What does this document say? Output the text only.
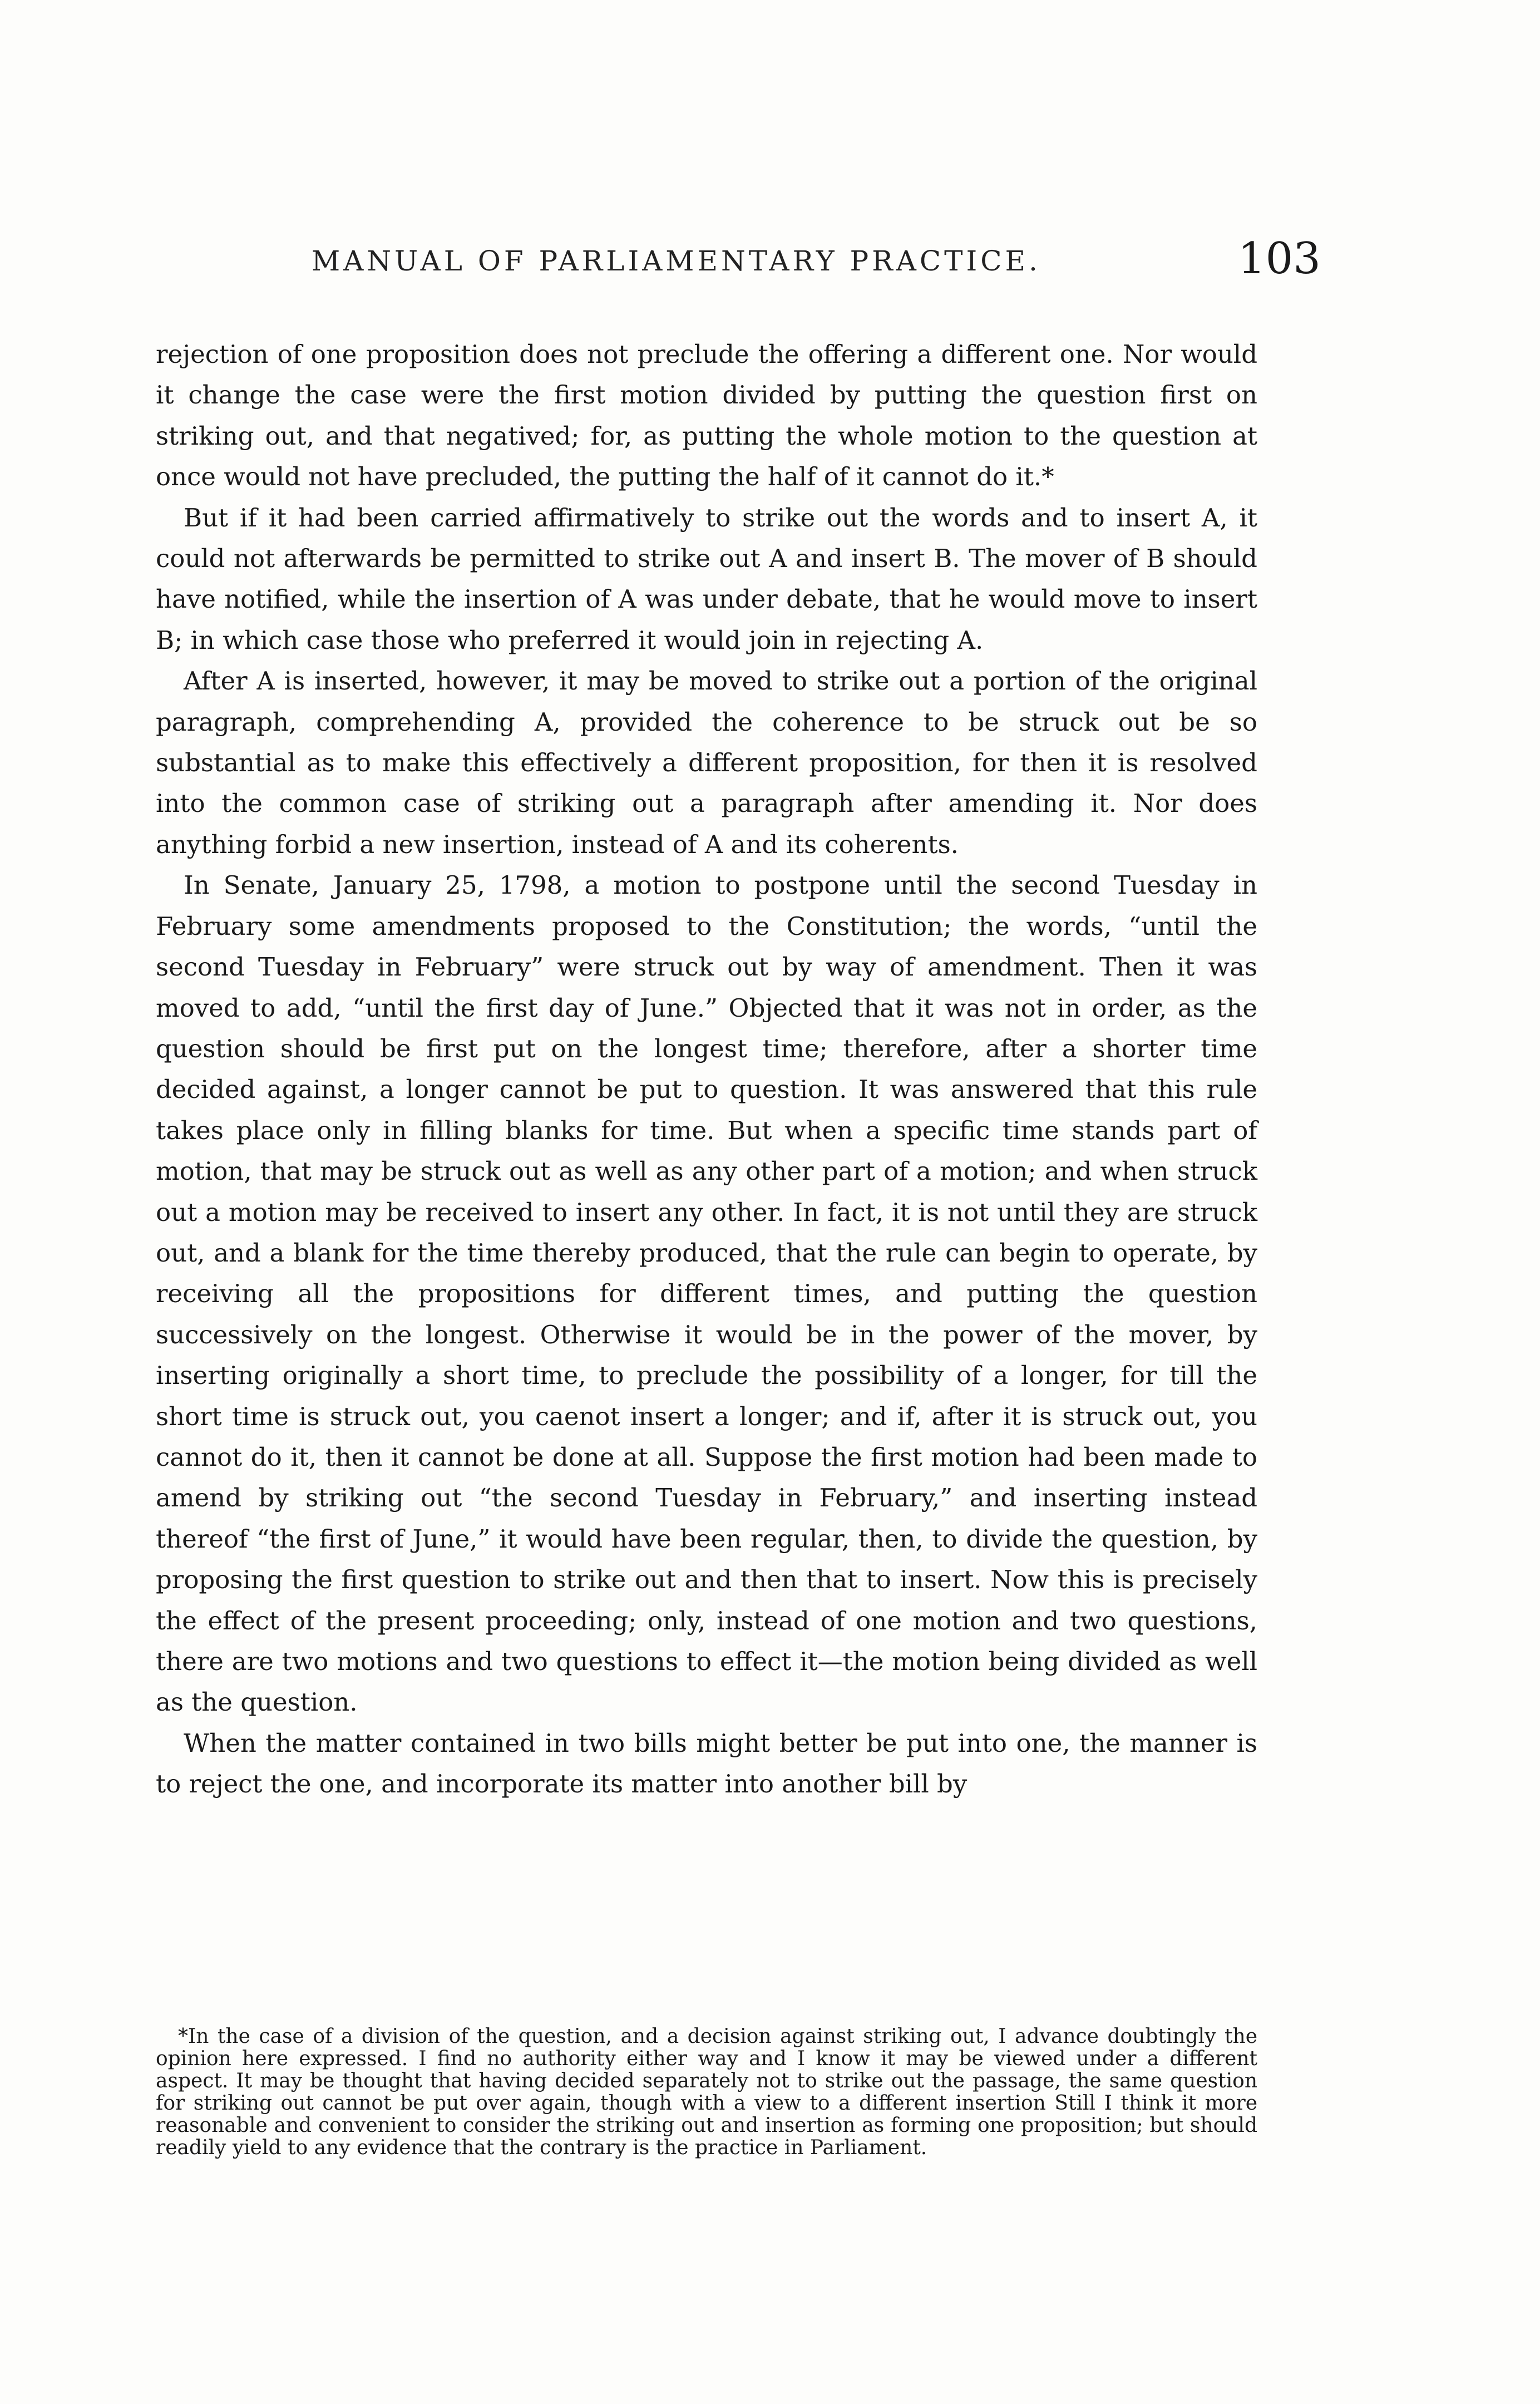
MANUAL OF PARLIAMENTARY PRACTICE.	103

rejection of one proposition does not preclude the offering a different one. Nor would it change the case were the first motion divided by putting the question first on striking out, and that negatived; for, as putting the whole motion to the question at once would not have precluded, the putting the half of it cannot do it.*

But if it had been carried affirmatively to strike out the words and to insert A, it could not afterwards be permitted to strike out A and insert B. The mover of B should have notified, while the insertion of A was under debate, that he would move to insert B; in which case those who preferred it would join in rejecting A.

After A is inserted, however, it may be moved to strike out a portion of the original paragraph, comprehending A, provided the coherence to be struck out be so substantial as to make this effectively a different proposition, for then it is resolved into the common case of striking out a paragraph after amending it. Nor does anything forbid a new insertion, instead of A and its coherents.

In Senate, January 25, 1798, a motion to postpone until the second Tuesday in February some amendments proposed to the Constitution; the words, “until the second Tuesday in February” were struck out by way of amendment. Then it was moved to add, “until the first day of June.” Objected that it was not in order, as the question should be first put on the longest time; therefore, after a shorter time decided against, a longer cannot be put to question. It was answered that this rule takes place only in filling blanks for time. But when a specific time stands part of motion, that may be struck out as well as any other part of a motion; and when struck out a motion may be received to insert any other. In fact, it is not until they are struck out, and a blank for the time thereby produced, that the rule can begin to operate, by receiving all the propositions for different times, and putting the question successively on the longest. Otherwise it would be in the power of the mover, by inserting originally a short time, to preclude the possibility of a longer, for till the short time is struck out, you caenot insert a longer; and if, after it is struck out, you cannot do it, then it cannot be done at all. Suppose the first motion had been made to amend by striking out “the second Tuesday in February,” and inserting instead thereof “the first of June,” it would have been regular, then, to divide the question, by proposing the first question to strike out and then that to insert. Now this is precisely the effect of the present proceeding; only, instead of one motion and two questions, there are two motions and two questions to effect it—the motion being divided as well as the question.

When the matter contained in two bills might better be put into one, the manner is to reject the one, and incorporate its matter into another bill by

*In the case of a division of the question, and a decision against striking out, I advance doubtingly the opinion here expressed. I find no authority either way and I know it may be viewed under a different aspect. It may be thought that having decided separately not to strike out the passage, the same question for striking out cannot be put over again, though with a view to a different insertion Still I think it more reasonable and convenient to consider the striking out and insertion as forming one proposition; but should readily yield to any evidence that the contrary is the practice in Parliament.
